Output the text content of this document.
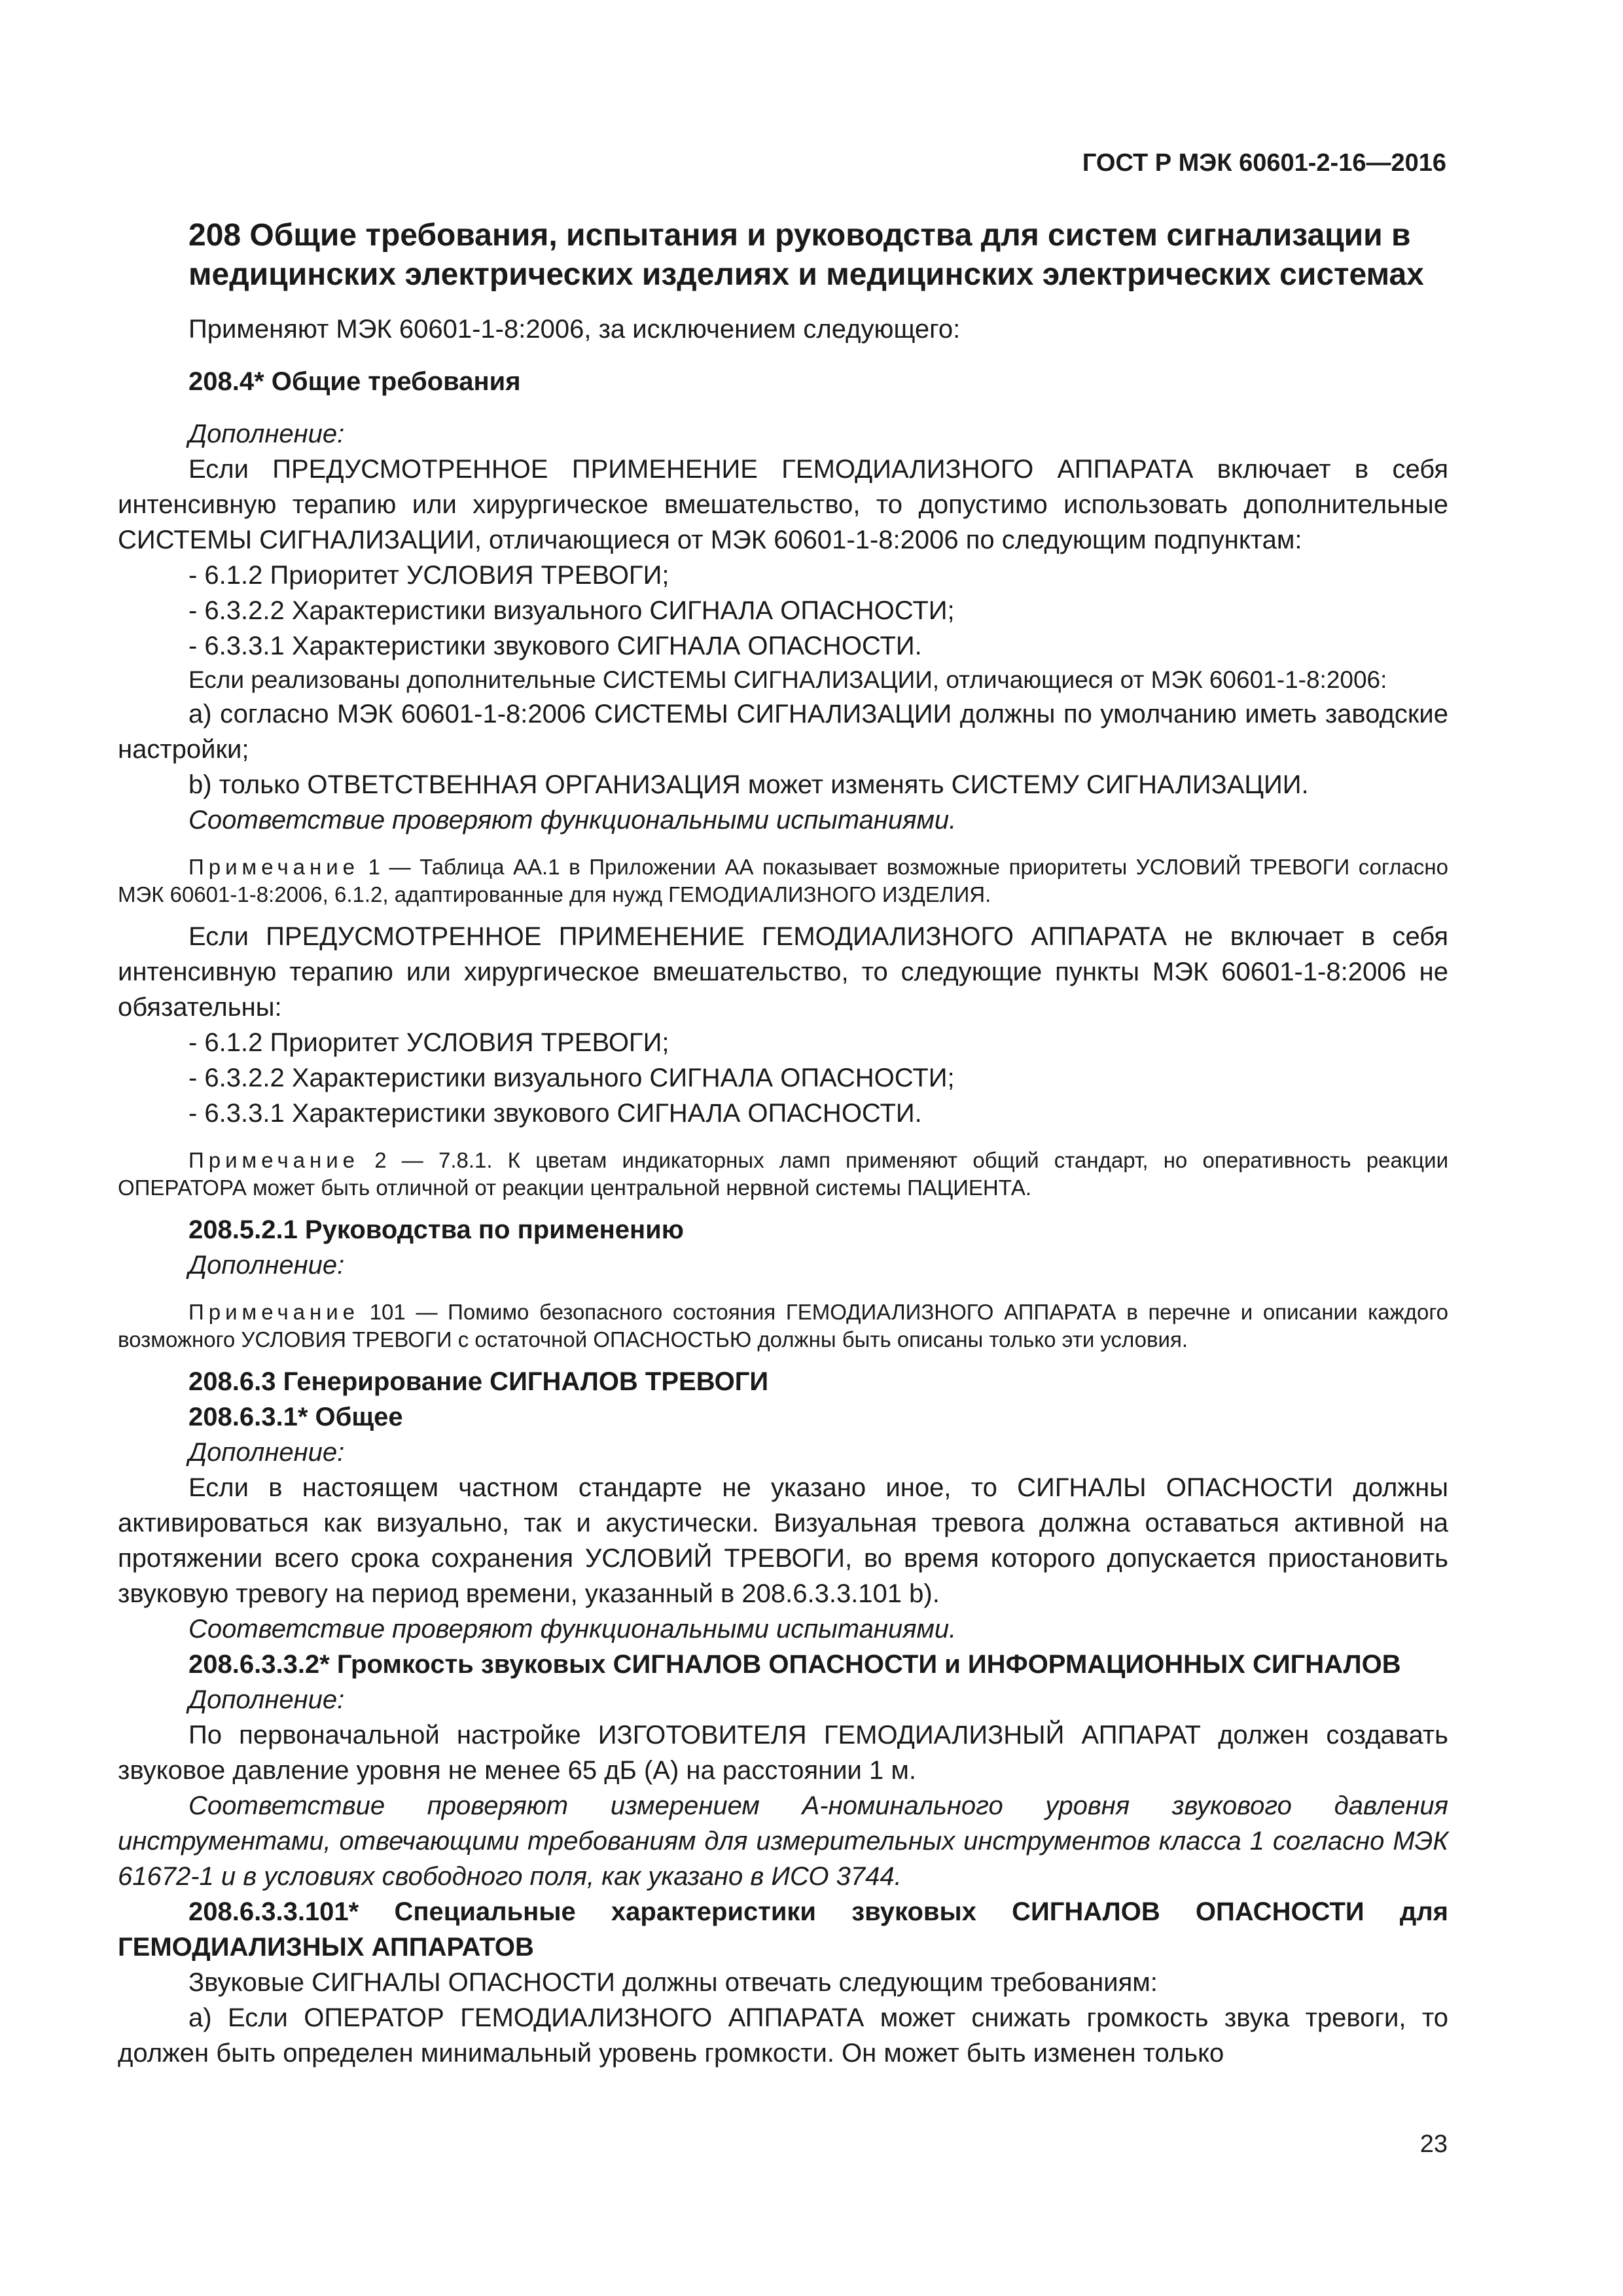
ГОСТ Р МЭК 60601-2-16—2016
208 Общие требования, испытания и руководства для систем сигнализации в медицинских электрических изделиях и медицинских электрических системах

Применяют МЭК 60601-1-8:2006, за исключением следующего:

208.4* Общие требования

Дополнение:

Если ПРЕДУСМОТРЕННОЕ ПРИМЕНЕНИЕ ГЕМОДИАЛИЗНОГО АППАРАТА включает в себя интенсивную терапию или хирургическое вмешательство, то допустимо использовать дополнительные СИСТЕМЫ СИГНАЛИЗАЦИИ, отличающиеся от МЭК 60601-1-8:2006 по следующим подпунктам:

- 6.1.2 Приоритет УСЛОВИЯ ТРЕВОГИ;

- 6.3.2.2 Характеристики визуального СИГНАЛА ОПАСНОСТИ;

- 6.3.3.1 Характеристики звукового СИГНАЛА ОПАСНОСТИ.

Если реализованы дополнительные СИСТЕМЫ СИГНАЛИЗАЦИИ, отличающиеся от МЭК 60601-1-8:2006:

а) согласно МЭК 60601-1-8:2006 СИСТЕМЫ СИГНАЛИЗАЦИИ должны по умолчанию иметь заводские настройки;

b) только ОТВЕТСТВЕННАЯ ОРГАНИЗАЦИЯ может изменять СИСТЕМУ СИГНАЛИЗАЦИИ.

Соответствие проверяют функциональными испытаниями.

Примечание 1 — Таблица АА.1 в Приложении АА показывает возможные приоритеты УСЛОВИЙ ТРЕВОГИ согласно МЭК 60601-1-8:2006, 6.1.2, адаптированные для нужд ГЕМОДИАЛИЗНОГО ИЗДЕЛИЯ.

Если ПРЕДУСМОТРЕННОЕ ПРИМЕНЕНИЕ ГЕМОДИАЛИЗНОГО АППАРАТА не включает в себя интенсивную терапию или хирургическое вмешательство, то следующие пункты МЭК 60601-1-8:2006 не обязательны:

- 6.1.2 Приоритет УСЛОВИЯ ТРЕВОГИ;

- 6.3.2.2 Характеристики визуального СИГНАЛА ОПАСНОСТИ;

- 6.3.3.1 Характеристики звукового СИГНАЛА ОПАСНОСТИ.

Примечание 2 — 7.8.1. К цветам индикаторных ламп применяют общий стандарт, но оперативность реакции ОПЕРАТОРА может быть отличной от реакции центральной нервной системы ПАЦИЕНТА.

208.5.2.1 Руководства по применению

Дополнение:

Примечание 101 — Помимо безопасного состояния ГЕМОДИАЛИЗНОГО АППАРАТА в перечне и описании каждого возможного УСЛОВИЯ ТРЕВОГИ с остаточной ОПАСНОСТЬЮ должны быть описаны только эти условия.

208.6.3 Генерирование СИГНАЛОВ ТРЕВОГИ

208.6.3.1* Общее

Дополнение:

Если в настоящем частном стандарте не указано иное, то СИГНАЛЫ ОПАСНОСТИ должны активироваться как визуально, так и акустически. Визуальная тревога должна оставаться активной на протяжении всего срока сохранения УСЛОВИЙ ТРЕВОГИ, во время которого допускается приостановить звуковую тревогу на период времени, указанный в 208.6.3.3.101 b).

Соответствие проверяют функциональными испытаниями.

208.6.3.3.2* Громкость звуковых СИГНАЛОВ ОПАСНОСТИ и ИНФОРМАЦИОННЫХ СИГНАЛОВ

Дополнение:

По первоначальной настройке ИЗГОТОВИТЕЛЯ ГЕМОДИАЛИЗНЫЙ АППАРАТ должен создавать звуковое давление уровня не менее 65 дБ (А) на расстоянии 1 м.

Соответствие проверяют измерением А-номинального уровня звукового давления инструментами, отвечающими требованиям для измерительных инструментов класса 1 согласно МЭК 61672-1 и в условиях свободного поля, как указано в ИСО 3744.

208.6.3.3.101* Специальные характеристики звуковых СИГНАЛОВ ОПАСНОСТИ для ГЕМОДИАЛИЗНЫХ АППАРАТОВ

Звуковые СИГНАЛЫ ОПАСНОСТИ должны отвечать следующим требованиям:

а) Если ОПЕРАТОР ГЕМОДИАЛИЗНОГО АППАРАТА может снижать громкость звука тревоги, то должен быть определен минимальный уровень громкости. Он может быть изменен только

23
